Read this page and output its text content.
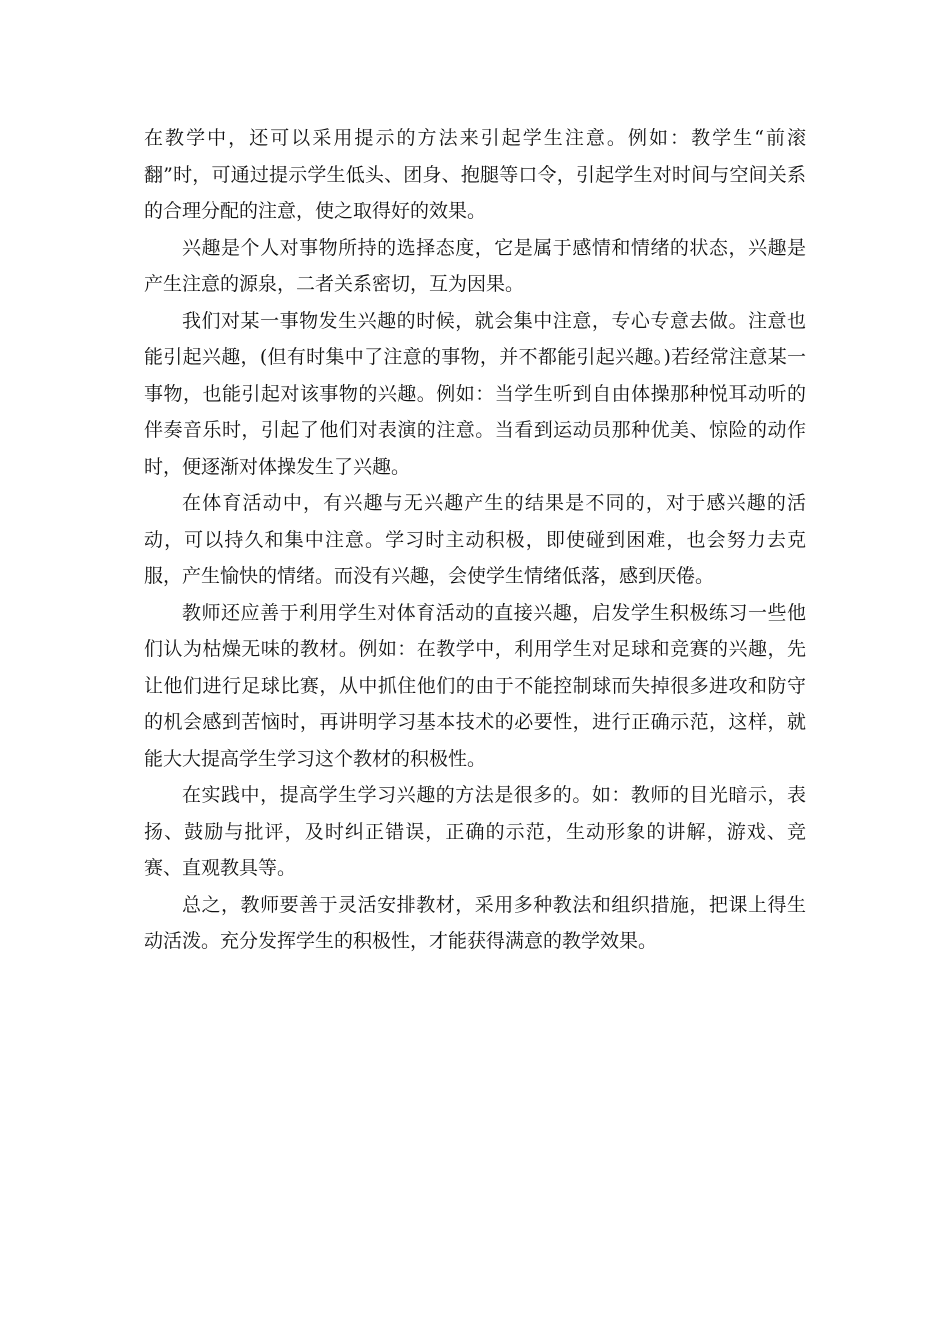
在教学中，还可以采用提示的方法来引起学生注意。例如：教学生“前滚翻”时，可通过提示学生低头、团身、抱腿等口令，引起学生对时间与空间关系的合理分配的注意，使之取得好的效果。

兴趣是个人对事物所持的选择态度，它是属于感情和情绪的状态，兴趣是产生注意的源泉，二者关系密切，互为因果。

我们对某一事物发生兴趣的时候，就会集中注意，专心专意去做。注意也能引起兴趣，(但有时集中了注意的事物，并不都能引起兴趣。)若经常注意某一事物，也能引起对该事物的兴趣。例如：当学生听到自由体操那种悦耳动听的伴奏音乐时，引起了他们对表演的注意。当看到运动员那种优美、惊险的动作时，便逐渐对体操发生了兴趣。

在体育活动中，有兴趣与无兴趣产生的结果是不同的，对于感兴趣的活动，可以持久和集中注意。学习时主动积极，即使碰到困难，也会努力去克服，产生愉快的情绪。而没有兴趣，会使学生情绪低落，感到厌倦。

教师还应善于利用学生对体育活动的直接兴趣，启发学生积极练习一些他们认为枯燥无味的教材。例如：在教学中，利用学生对足球和竞赛的兴趣，先让他们进行足球比赛，从中抓住他们的由于不能控制球而失掉很多进攻和防守的机会感到苦恼时，再讲明学习基本技术的必要性，进行正确示范，这样，就能大大提高学生学习这个教材的积极性。

在实践中，提高学生学习兴趣的方法是很多的。如：教师的目光暗示，表扬、鼓励与批评，及时纠正错误，正确的示范，生动形象的讲解，游戏、竞赛、直观教具等。

总之，教师要善于灵活安排教材，采用多种教法和组织措施，把课上得生动活泼。充分发挥学生的积极性，才能获得满意的教学效果。
